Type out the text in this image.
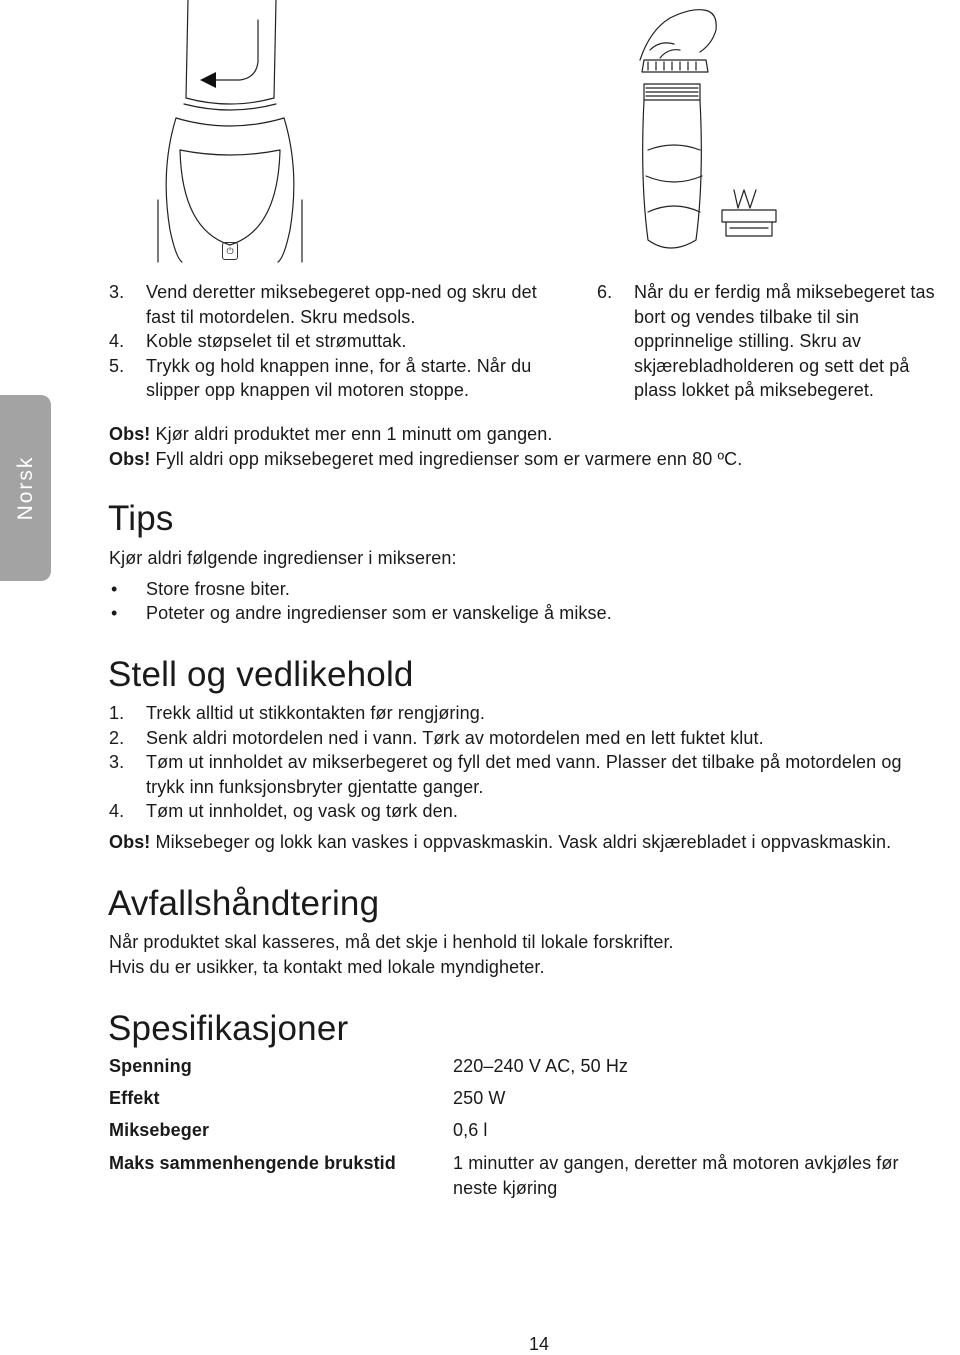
⏻
3. Vend deretter miksebegeret opp-ned og skru det fast til motordelen. Skru medsols.
4. Koble støpselet til et strømuttak.
5. Trykk og hold knappen inne, for å starte. Når du slipper opp knappen vil motoren stoppe.
6. Når du er ferdig må miksebegeret tas bort og vendes tilbake til sin opprinnelige stilling. Skru av skjærebladholderen og sett det på plass lokket på miksebegeret.
Norsk
Obs! Kjør aldri produktet mer enn 1 minutt om gangen.
Obs! Fyll aldri opp miksebegeret med ingredienser som er varmere enn 80 ºC.
Tips
Kjør aldri følgende ingredienser i mikseren:
• Store frosne biter.
• Poteter og andre ingredienser som er vanskelige å mikse.
Stell og vedlikehold
1. Trekk alltid ut stikkontakten før rengjøring.
2. Senk aldri motordelen ned i vann. Tørk av motordelen med en lett fuktet klut.
3. Tøm ut innholdet av mikserbegeret og fyll det med vann. Plasser det tilbake på motordelen og trykk inn funksjonsbryter gjentatte ganger.
4. Tøm ut innholdet, og vask og tørk den.
Obs! Miksebeger og lokk kan vaskes i oppvaskmaskin. Vask aldri skjærebladet i oppvaskmaskin.
Avfallshåndtering
Når produktet skal kasseres, må det skje i henhold til lokale forskrifter.
Hvis du er usikker, ta kontakt med lokale myndigheter.
Spesifikasjoner
Spenning	220–240 V AC, 50 Hz
Effekt	250 W
Miksebeger	0,6 l
Maks sammenhengende brukstid	1 minutter av gangen, deretter må motoren avkjøles før neste kjøring
14
